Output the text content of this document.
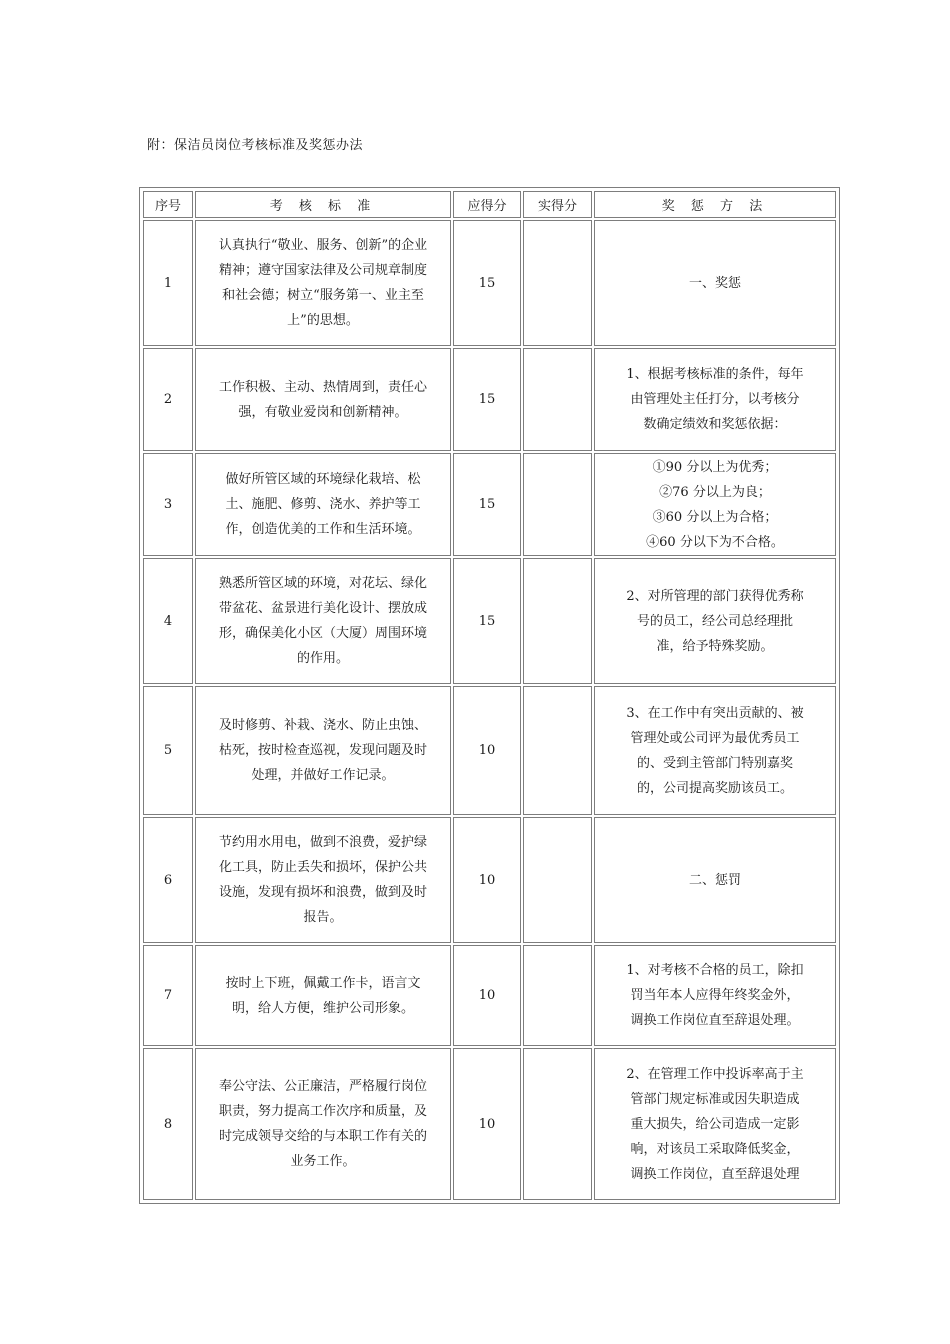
附：保洁员岗位考核标准及奖惩办法
序号	考 核 标 准	应得分	实得分	奖 惩 方 法
1	认真执行“敬业、服务、创新”的企业精神；遵守国家法律及公司规章制度和社会德；树立“服务第一、业主至上”的思想。	15		一、奖惩
2	工作积极、主动、热情周到，责任心强，有敬业爱岗和创新精神。	15		1、根据考核标准的条件，每年由管理处主任打分，以考核分数确定绩效和奖惩依据：
3	做好所管区域的环境绿化栽培、松土、施肥、修剪、浇水、养护等工作，创造优美的工作和生活环境。	15		①90 分以上为优秀；
②76 分以上为良；
③60 分以上为合格；
④60 分以下为不合格。

4	熟悉所管区域的环境，对花坛、绿化带盆花、盆景进行美化设计、摆放成形，确保美化小区（大厦）周围环境的作用。	15		2、对所管理的部门获得优秀称号的员工，经公司总经理批准，给予特殊奖励。
5	及时修剪、补栽、浇水、防止虫蚀、枯死，按时检查巡视，发现问题及时处理，并做好工作记录。	10		3、在工作中有突出贡献的、被管理处或公司评为最优秀员工的、受到主管部门特别嘉奖的，公司提高奖励该员工。
6	节约用水用电，做到不浪费，爱护绿化工具，防止丢失和损坏，保护公共设施，发现有损坏和浪费，做到及时报告。	10		二、惩罚
7	按时上下班，佩戴工作卡，语言文明，给人方便，维护公司形象。	10		1、对考核不合格的员工，除扣罚当年本人应得年终奖金外，调换工作岗位直至辞退处理。
8	奉公守法、公正廉洁，严格履行岗位职责，努力提高工作次序和质量，及时完成领导交给的与本职工作有关的业务工作。	10		2、在管理工作中投诉率高于主管部门规定标准或因失职造成重大损失，给公司造成一定影响，对该员工采取降低奖金，调换工作岗位，直至辞退处理
